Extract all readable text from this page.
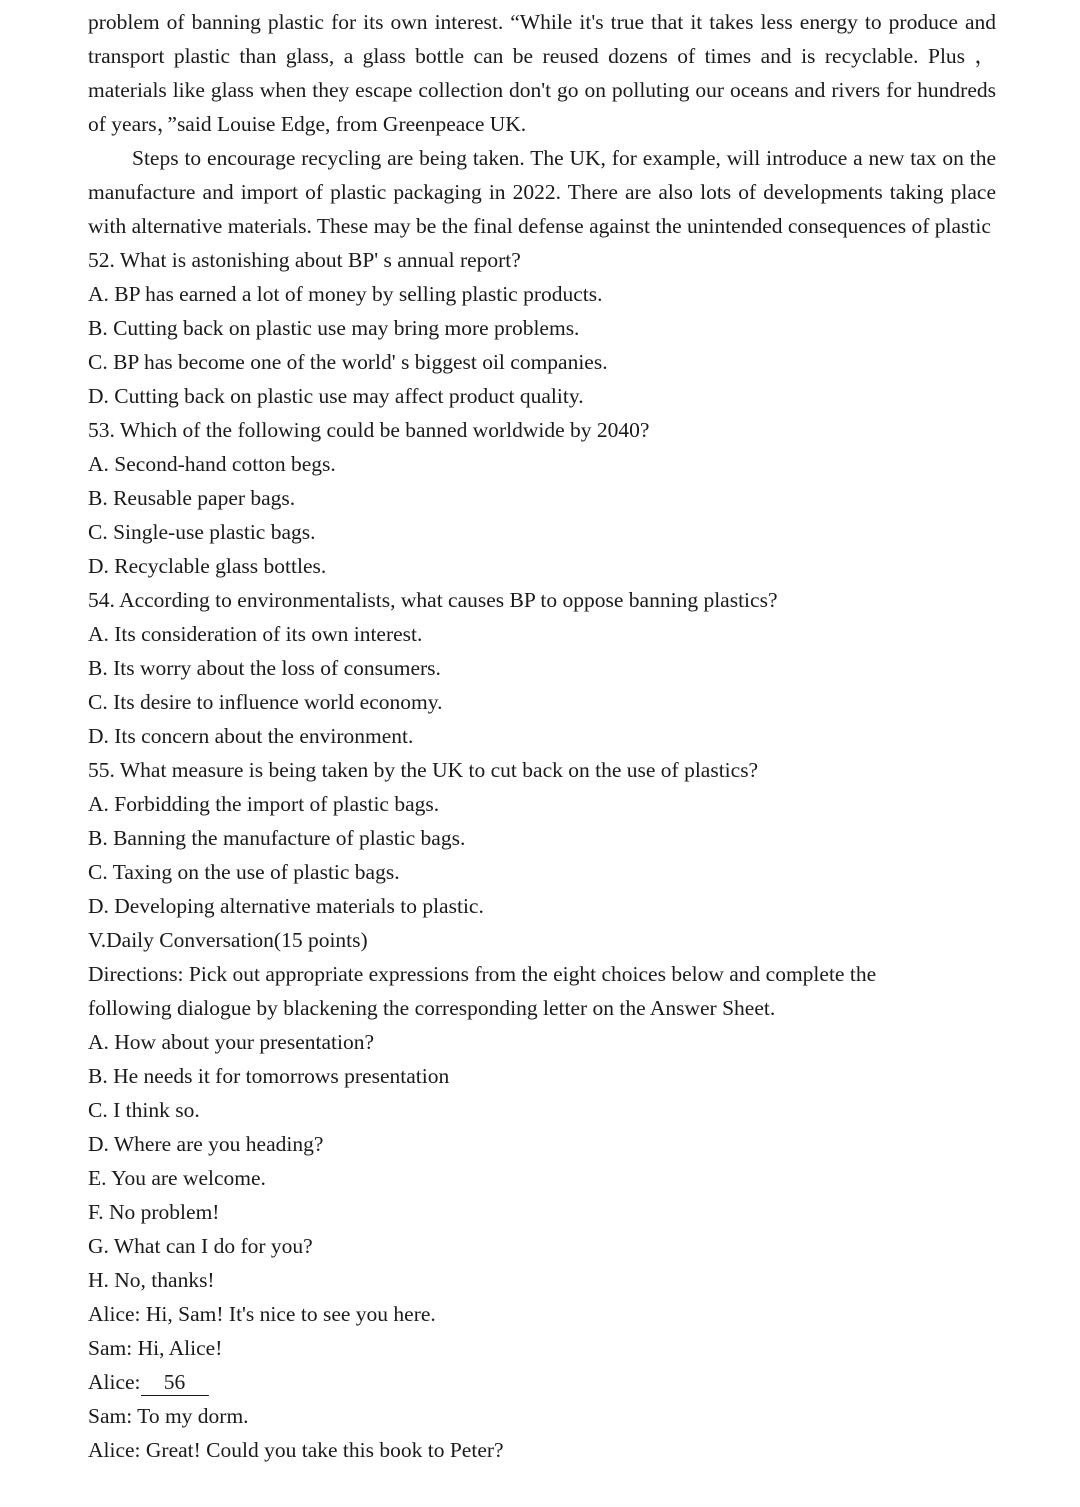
problem of banning plastic for its own interest. “While it's true that it takes less energy to produce and transport plastic than glass, a glass bottle can be reused dozens of times and is recyclable. Plus ， materials like glass when they escape collection don't go on polluting our oceans and rivers for hundreds of years，”said Louise Edge, from Greenpeace UK.

Steps to encourage recycling are being taken. The UK, for example, will introduce a new tax on the manufacture and import of plastic packaging in 2022. There are also lots of developments taking place with alternative materials. These may be the final defense against the unintended consequences of plastic

52. What is astonishing about BP' s annual report?

A. BP has earned a lot of money by selling plastic products.

B. Cutting back on plastic use may bring more problems.

C. BP has become one of the world' s biggest oil companies.

D. Cutting back on plastic use may affect product quality.

53. Which of the following could be banned worldwide by 2040?

A. Second-hand cotton begs.

B. Reusable paper bags.

C. Single-use plastic bags.

D. Recyclable glass bottles.

54. According to environmentalists, what causes BP to oppose banning plastics?

A. Its consideration of its own interest.

B. Its worry about the loss of consumers.

C. Its desire to influence world economy.

D. Its concern about the environment.

55. What measure is being taken by the UK to cut back on the use of plastics?

A. Forbidding the import of plastic bags.

B. Banning the manufacture of plastic bags.

C. Taxing on the use of plastic bags.

D. Developing alternative materials to plastic.

V.Daily Conversation(15 points)

Directions: Pick out appropriate expressions from the eight choices below and complete the

following dialogue by blackening the corresponding letter on the Answer Sheet.

A. How about your presentation?

B. He needs it for tomorrows presentation

C. I think so.

D. Where are you heading?

E. You are welcome.

F. No problem!

G. What can I do for you?

H. No, thanks!

Alice: Hi, Sam! It's nice to see you here.

Sam: Hi, Alice!

Alice: 56

Sam: To my dorm.

Alice: Great! Could you take this book to Peter?
